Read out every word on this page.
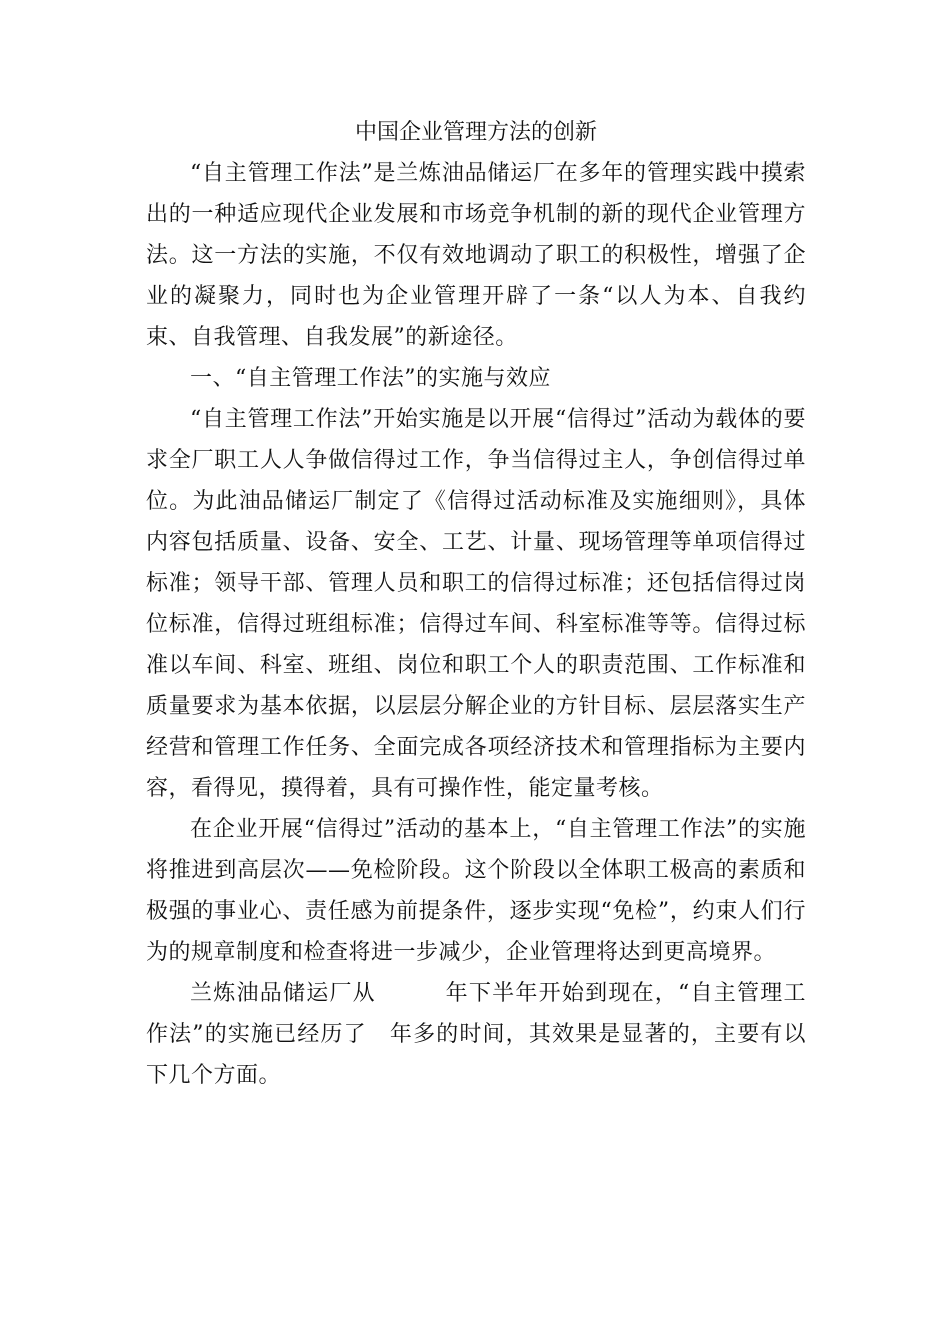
中国企业管理方法的创新

“自主管理工作法”是兰炼油品储运厂在多年的管理实践中摸索出的一种适应现代企业发展和市场竞争机制的新的现代企业管理方法。这一方法的实施，不仅有效地调动了职工的积极性，增强了企业的凝聚力，同时也为企业管理开辟了一条“以人为本、自我约束、自我管理、自我发展”的新途径。

一、“自主管理工作法”的实施与效应

“自主管理工作法”开始实施是以开展“信得过”活动为载体的要求全厂职工人人争做信得过工作，争当信得过主人，争创信得过单位。为此油品储运厂制定了《信得过活动标准及实施细则》，具体内容包括质量、设备、安全、工艺、计量、现场管理等单项信得过标准；领导干部、管理人员和职工的信得过标准；还包括信得过岗位标准，信得过班组标准；信得过车间、科室标准等等。信得过标准以车间、科室、班组、岗位和职工个人的职责范围、工作标准和质量要求为基本依据，以层层分解企业的方针目标、层层落实生产经营和管理工作任务、全面完成各项经济技术和管理指标为主要内容，看得见，摸得着，具有可操作性，能定量考核。

在企业开展“信得过”活动的基本上，“自主管理工作法”的实施将推进到高层次——免检阶段。这个阶段以全体职工极高的素质和极强的事业心、责任感为前提条件，逐步实现“免检”，约束人们行为的规章制度和检查将进一步减少，企业管理将达到更高境界。

兰炼油品储运厂从　　　年下半年开始到现在，“自主管理工作法”的实施已经历了　年多的时间，其效果是显著的，主要有以下几个方面。
